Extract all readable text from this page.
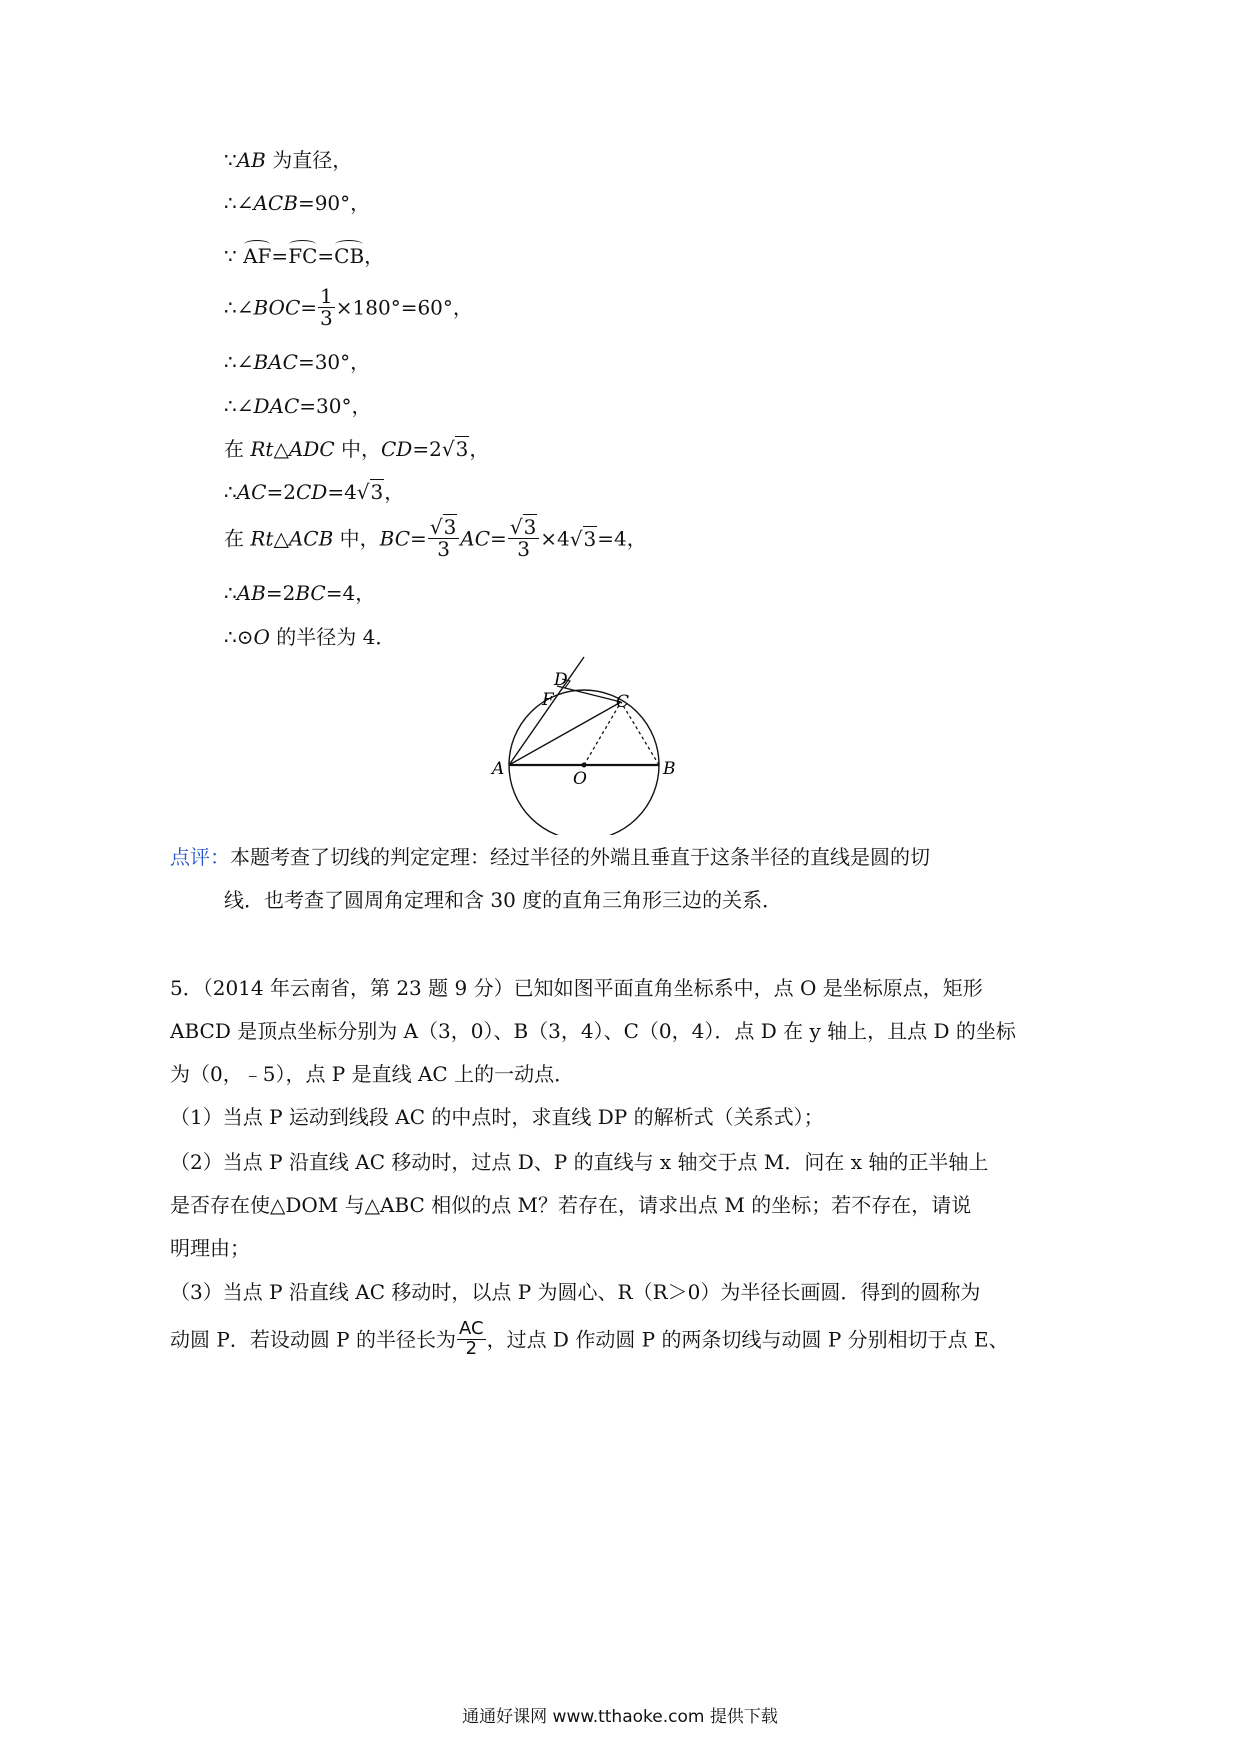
∵AB 为直径，
∴∠ACB=90°，
∵ AF=FC=CB，
∴∠BOC= $\frac{1}{3} \times 180^\circ=60^\circ$，
∴∠BAC=30°，
∴∠DAC=30°，
在 Rt△ADC 中，CD=2√3，
∴AC=2CD=4√3，
在 Rt△ACB 中，$BC= \frac{√3}{3} AC= \frac{√3}{3} \times 4√3=4$，
∴AB=2BC=4，
∴⊙O 的半径为 4．
D
F	C
A	O	B
点评：本题考查了切线的判定定理：经过半径的外端且垂直于这条半径的直线是圆的切
线．也考查了圆周角定理和含 30 度的直角三角形三边的关系．
5．（2014 年云南省，第 23 题 9 分）已知如图平面直角坐标系中，点 O 是坐标原点，矩形
ABCD 是顶点坐标分别为 A（3，0）、B（3，4）、C（0，4）．点 D 在 y 轴上，且点 D 的坐标
为（0，﹣5），点 P 是直线 AC 上的一动点．
（1）当点 P 运动到线段 AC 的中点时，求直线 DP 的解析式（关系式）；
（2）当点 P 沿直线 AC 移动时，过点 D、P 的直线与 x 轴交于点 M．问在 x 轴的正半轴上
是否存在使△DOM 与△ABC 相似的点 M？若存在，请求出点 M 的坐标；若不存在，请说
明理由；
（3）当点 P 沿直线 AC 移动时，以点 P 为圆心、R（R＞0）为半径长画圆．得到的圆称为
动圆 P．若设动圆 P 的半径长为 $\frac{AC}{2}$ ，过点 D 作动圆 P 的两条切线与动圆 P 分别相切于点 E、
通通好课网 www.tthaoke.com 提供下载
